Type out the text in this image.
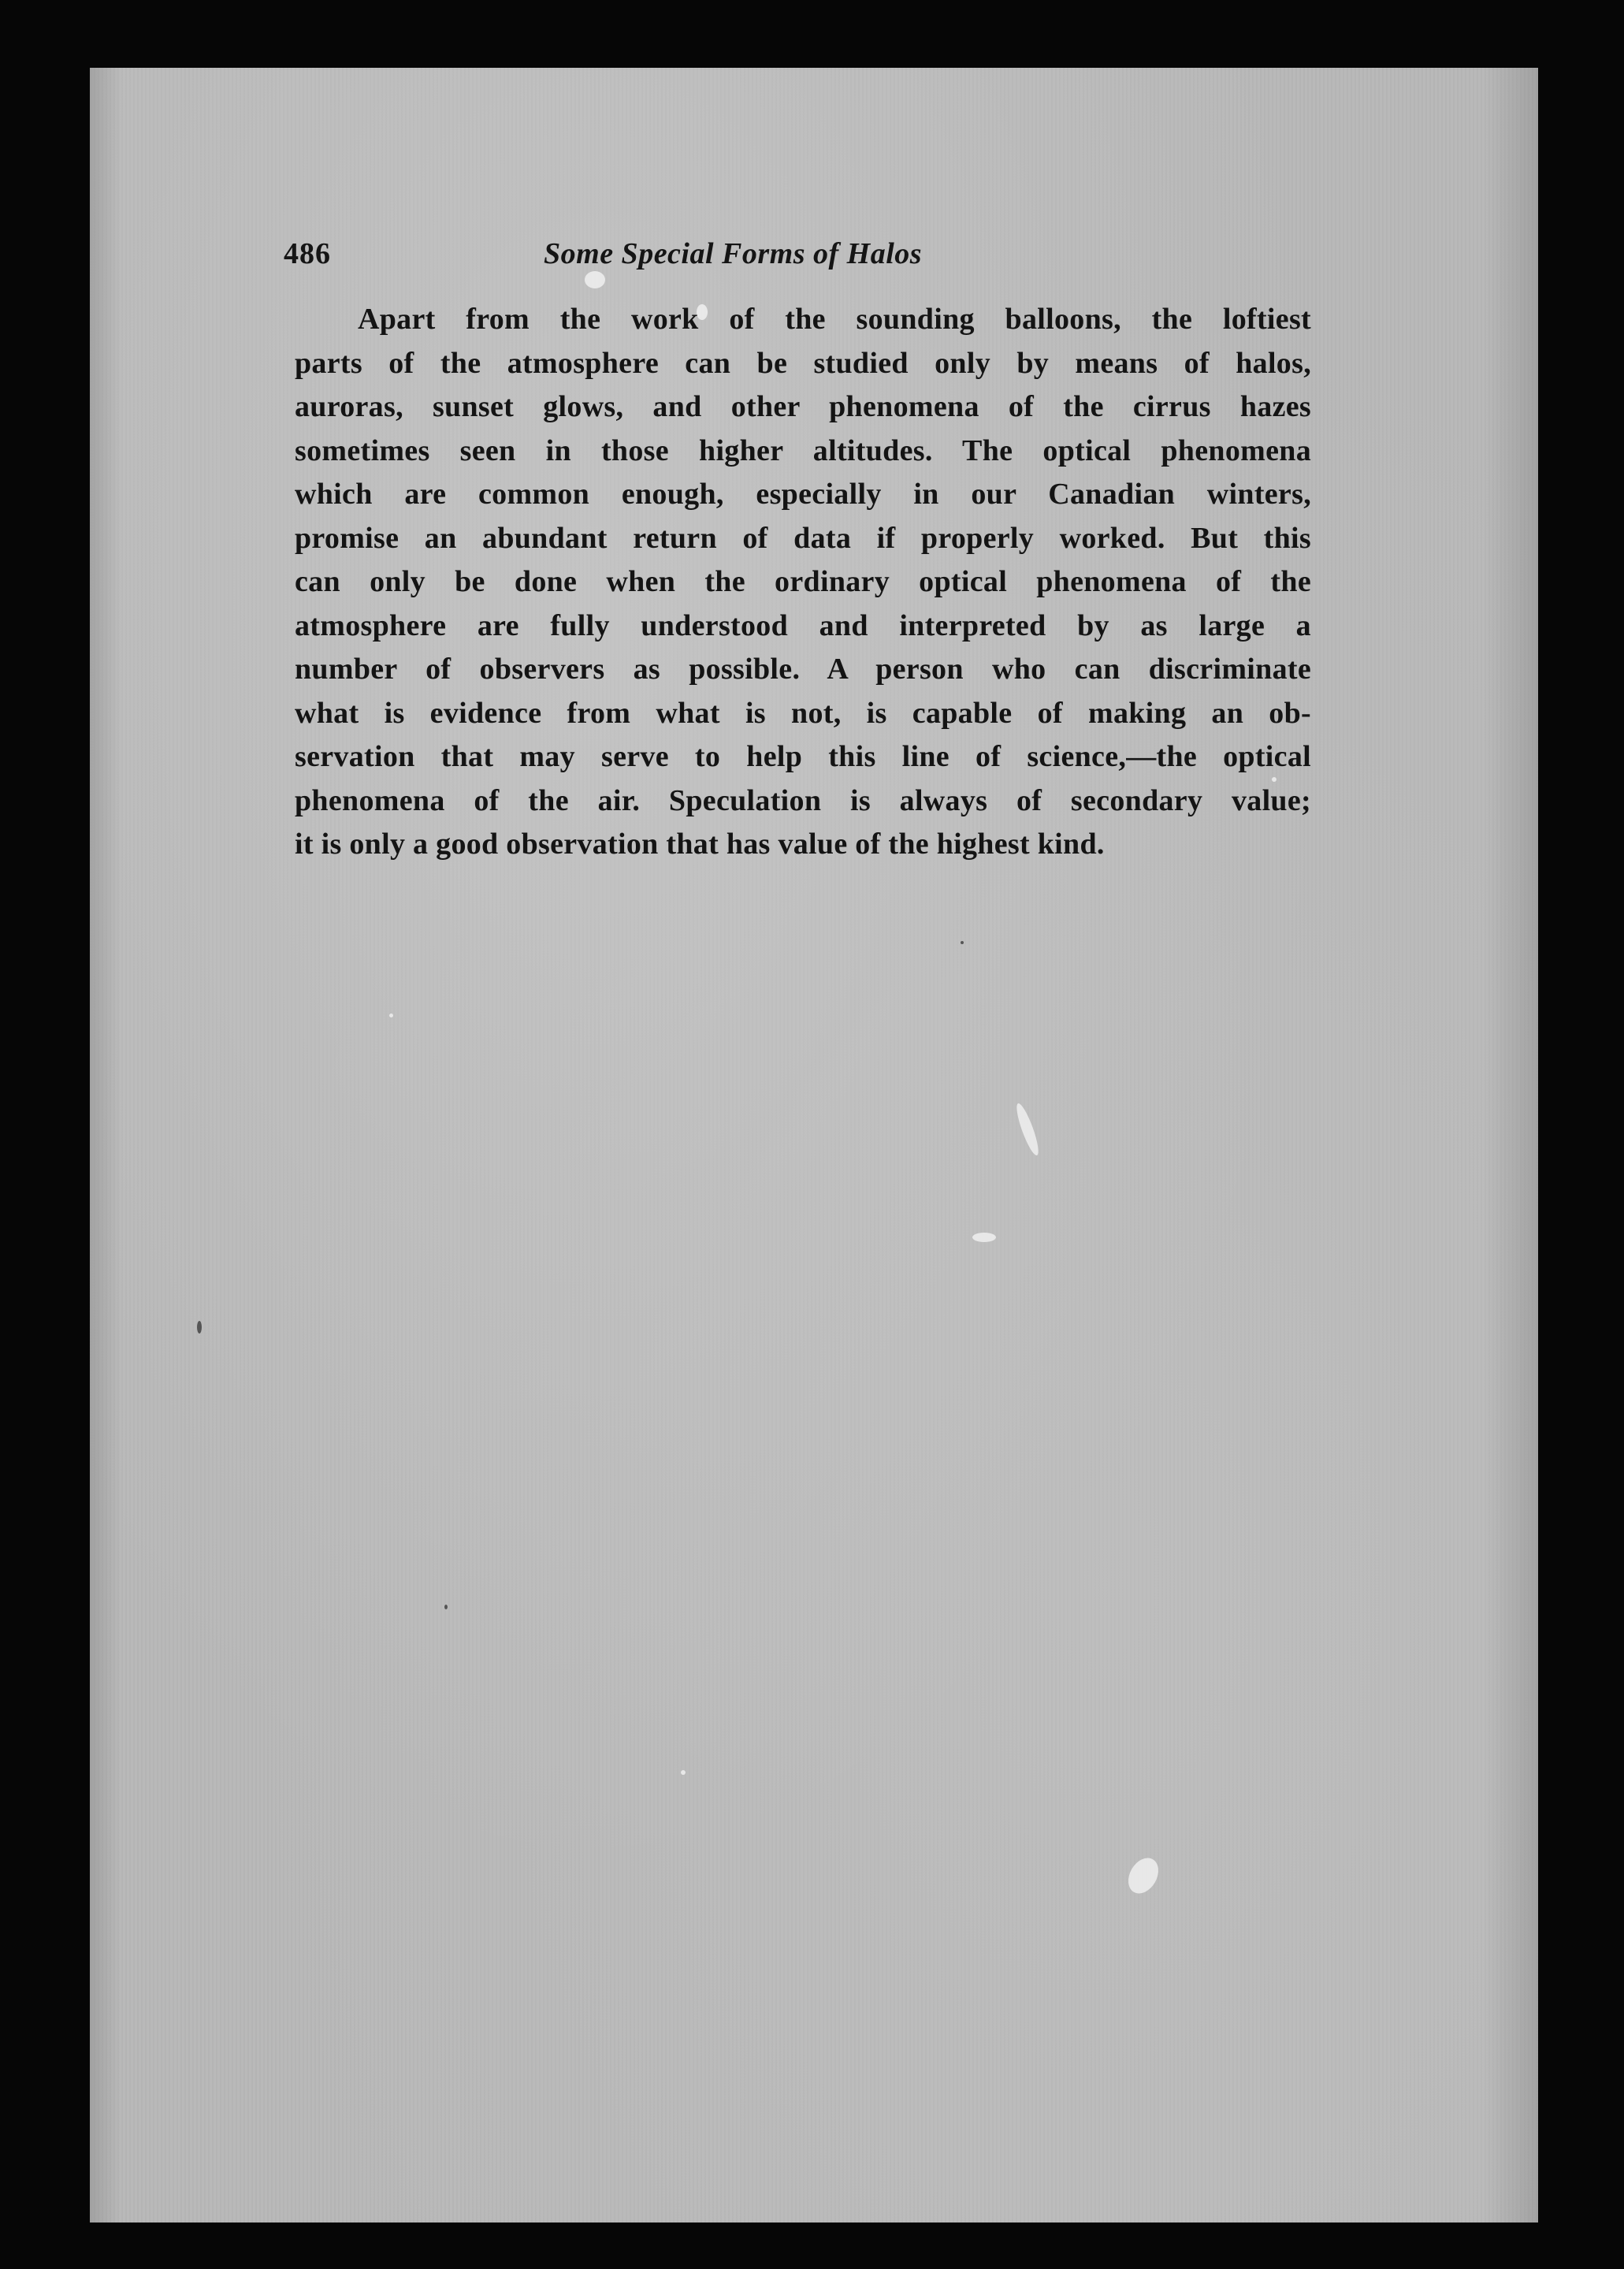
486	Some Special Forms of Halos
Apart from the work of the sounding balloons, the loftiest
parts of the atmosphere can be studied only by means of halos,
auroras, sunset glows, and other phenomena of the cirrus hazes
sometimes seen in those higher altitudes. The optical phenomena
which are common enough, especially in our Canadian winters,
promise an abundant return of data if properly worked. But this
can only be done when the ordinary optical phenomena of the
atmosphere are fully understood and interpreted by as large a
number of observers as possible. A person who can discriminate
what is evidence from what is not, is capable of making an ob-
servation that may serve to help this line of science,—the optical
phenomena of the air. Speculation is always of secondary value;
it is only a good observation that has value of the highest kind.
